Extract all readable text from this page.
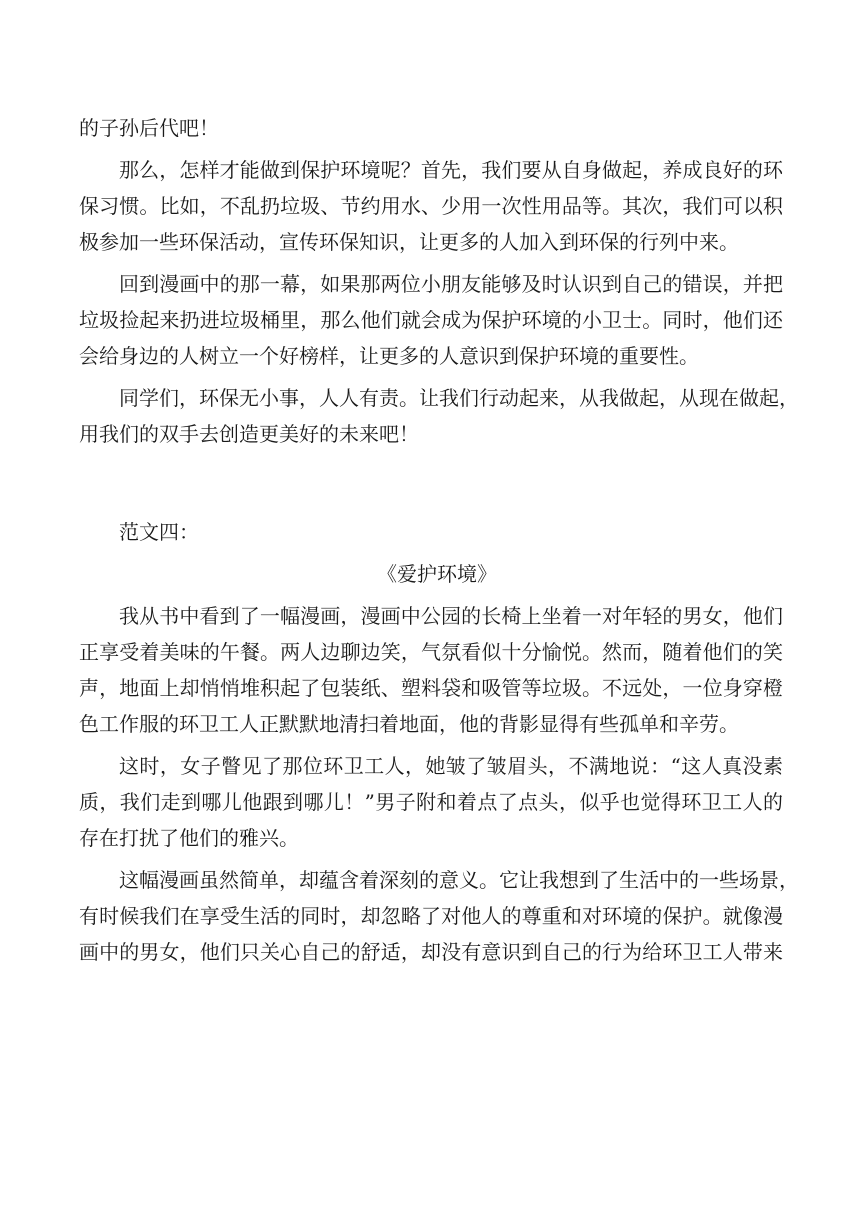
的子孙后代吧！
那么，怎样才能做到保护环境呢？首先，我们要从自身做起，养成良好的环
保习惯。比如，不乱扔垃圾、节约用水、少用一次性用品等。其次，我们可以积
极参加一些环保活动，宣传环保知识，让更多的人加入到环保的行列中来。
回到漫画中的那一幕，如果那两位小朋友能够及时认识到自己的错误，并把
垃圾捡起来扔进垃圾桶里，那么他们就会成为保护环境的小卫士。同时，他们还
会给身边的人树立一个好榜样，让更多的人意识到保护环境的重要性。
同学们，环保无小事，人人有责。让我们行动起来，从我做起，从现在做起，
用我们的双手去创造更美好的未来吧！
范文四：
《爱护环境》
我从书中看到了一幅漫画，漫画中公园的长椅上坐着一对年轻的男女，他们
正享受着美味的午餐。两人边聊边笑，气氛看似十分愉悦。然而，随着他们的笑
声，地面上却悄悄堆积起了包装纸、塑料袋和吸管等垃圾。不远处，一位身穿橙
色工作服的环卫工人正默默地清扫着地面，他的背影显得有些孤单和辛劳。
这时，女子瞥见了那位环卫工人，她皱了皱眉头，不满地说：“这人真没素
质，我们走到哪儿他跟到哪儿！”男子附和着点了点头，似乎也觉得环卫工人的
存在打扰了他们的雅兴。
这幅漫画虽然简单，却蕴含着深刻的意义。它让我想到了生活中的一些场景，
有时候我们在享受生活的同时，却忽略了对他人的尊重和对环境的保护。就像漫
画中的男女，他们只关心自己的舒适，却没有意识到自己的行为给环卫工人带来
